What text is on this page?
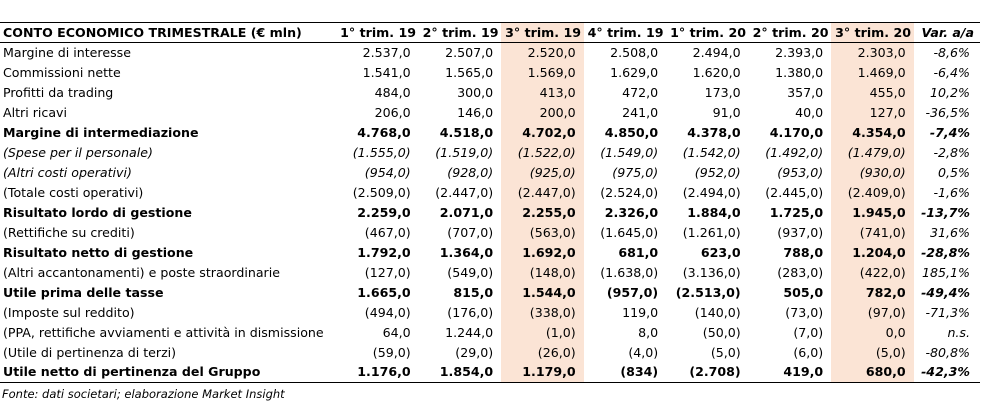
CONTO ECONOMICO TRIMESTRALE (€ mln)	1° trim. 19	2° trim. 19	3° trim. 19	4° trim. 19	1° trim. 20	2° trim. 20	3° trim. 20	Var. a/a
Margine di interesse	2.537,0	2.507,0	2.520,0	2.508,0	2.494,0	2.393,0	2.303,0	-8,6%
Commissioni nette	1.541,0	1.565,0	1.569,0	1.629,0	1.620,0	1.380,0	1.469,0	-6,4%
Profitti da trading	484,0	300,0	413,0	472,0	173,0	357,0	455,0	10,2%
Altri ricavi	206,0	146,0	200,0	241,0	91,0	40,0	127,0	-36,5%
Margine di intermediazione	4.768,0	4.518,0	4.702,0	4.850,0	4.378,0	4.170,0	4.354,0	-7,4%
(Spese per il personale)	(1.555,0)	(1.519,0)	(1.522,0)	(1.549,0)	(1.542,0)	(1.492,0)	(1.479,0)	-2,8%
(Altri costi operativi)	(954,0)	(928,0)	(925,0)	(975,0)	(952,0)	(953,0)	(930,0)	0,5%
(Totale costi operativi)	(2.509,0)	(2.447,0)	(2.447,0)	(2.524,0)	(2.494,0)	(2.445,0)	(2.409,0)	-1,6%
Risultato lordo di gestione	2.259,0	2.071,0	2.255,0	2.326,0	1.884,0	1.725,0	1.945,0	-13,7%
(Rettifiche su crediti)	(467,0)	(707,0)	(563,0)	(1.645,0)	(1.261,0)	(937,0)	(741,0)	31,6%
Risultato netto di gestione	1.792,0	1.364,0	1.692,0	681,0	623,0	788,0	1.204,0	-28,8%
(Altri accantonamenti) e poste straordinarie	(127,0)	(549,0)	(148,0)	(1.638,0)	(3.136,0)	(283,0)	(422,0)	185,1%
Utile prima delle tasse	1.665,0	815,0	1.544,0	(957,0)	(2.513,0)	505,0	782,0	-49,4%
(Imposte sul reddito)	(494,0)	(176,0)	(338,0)	119,0	(140,0)	(73,0)	(97,0)	-71,3%
(PPA, rettifiche avviamenti e attività in dismissione	64,0	1.244,0	(1,0)	8,0	(50,0)	(7,0)	0,0	n.s.
(Utile di pertinenza di terzi)	(59,0)	(29,0)	(26,0)	(4,0)	(5,0)	(6,0)	(5,0)	-80,8%
Utile netto di pertinenza del Gruppo	1.176,0	1.854,0	1.179,0	(834)	(2.708)	419,0	680,0	-42,3%
Fonte: dati societari; elaborazione Market Insight
